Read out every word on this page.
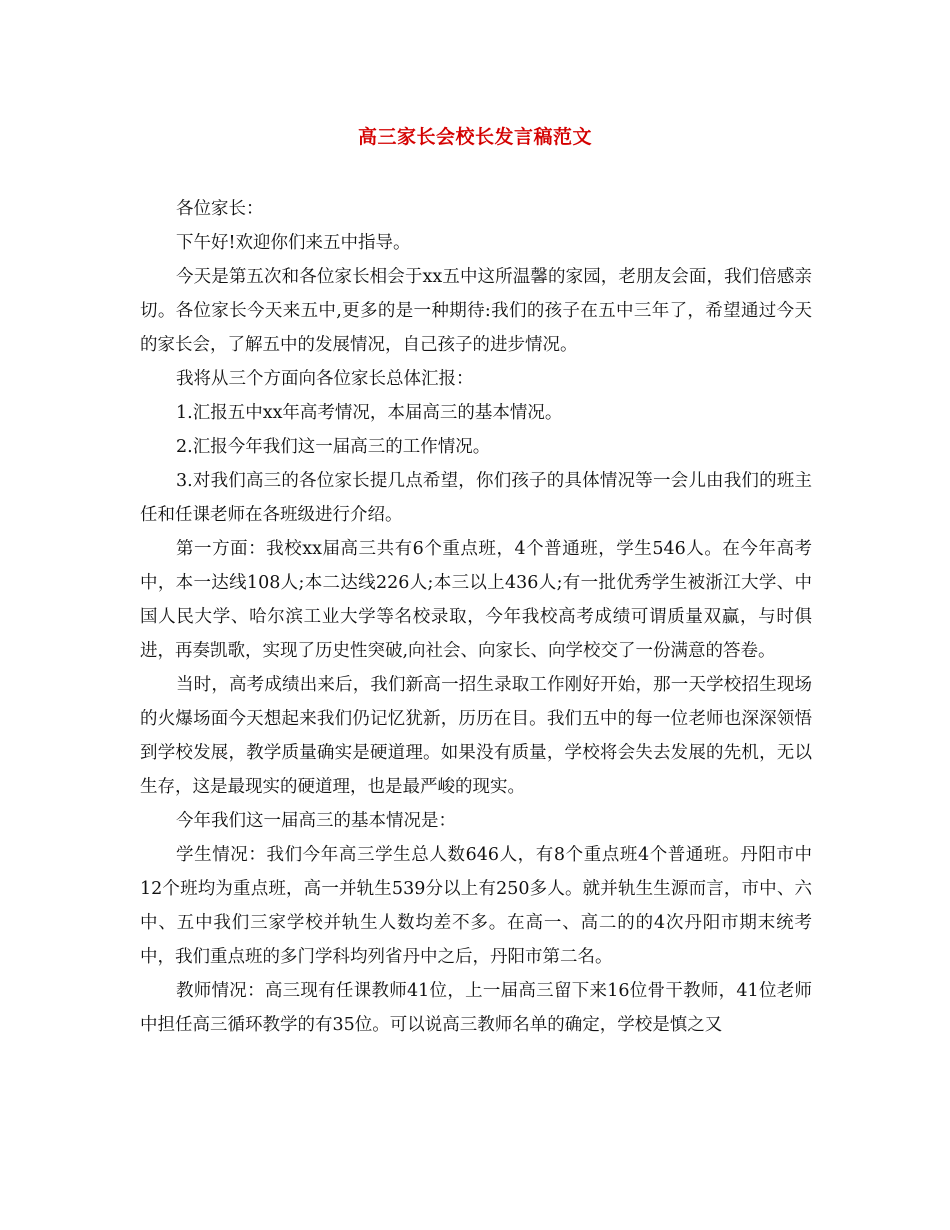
高三家长会校长发言稿范文

各位家长：

下午好!欢迎你们来五中指导。

今天是第五次和各位家长相会于xx五中这所温馨的家园，老朋友会面，我们倍感亲切。各位家长今天来五中,更多的是一种期待:我们的孩子在五中三年了，希望通过今天的家长会，了解五中的发展情况，自己孩子的进步情况。

我将从三个方面向各位家长总体汇报：

1.汇报五中xx年高考情况，本届高三的基本情况。

2.汇报今年我们这一届高三的工作情况。

3.对我们高三的各位家长提几点希望，你们孩子的具体情况等一会儿由我们的班主任和任课老师在各班级进行介绍。

第一方面：我校xx届高三共有6个重点班，4个普通班，学生546人。在今年高考中，本一达线108人;本二达线226人;本三以上436人;有一批优秀学生被浙江大学、中国人民大学、哈尔滨工业大学等名校录取，今年我校高考成绩可谓质量双赢，与时俱进，再奏凯歌，实现了历史性突破,向社会、向家长、向学校交了一份满意的答卷。

当时，高考成绩出来后，我们新高一招生录取工作刚好开始，那一天学校招生现场的火爆场面今天想起来我们仍记忆犹新，历历在目。我们五中的每一位老师也深深领悟到学校发展，教学质量确实是硬道理。如果没有质量，学校将会失去发展的先机，无以生存，这是最现实的硬道理，也是最严峻的现实。

今年我们这一届高三的基本情况是：

学生情况：我们今年高三学生总人数646人，有8个重点班4个普通班。丹阳市中12个班均为重点班，高一并轨生539分以上有250多人。就并轨生生源而言，市中、六中、五中我们三家学校并轨生人数均差不多。在高一、高二的的4次丹阳市期末统考中，我们重点班的多门学科均列省丹中之后，丹阳市第二名。

教师情况：高三现有任课教师41位，上一届高三留下来16位骨干教师，41位老师中担任高三循环教学的有35位。可以说高三教师名单的确定，学校是慎之又
